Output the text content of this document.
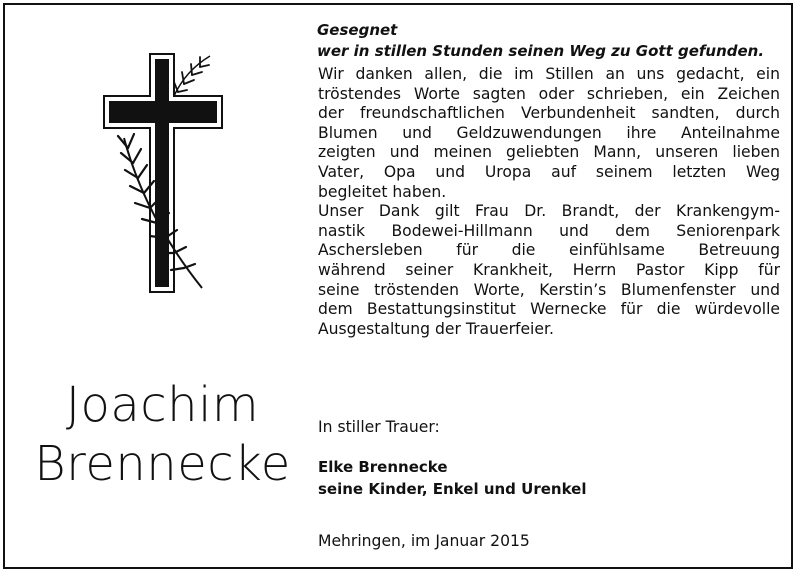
Joachim
Brennecke
Gesegnet
wer in stillen Stunden seinen Weg zu Gott gefunden.
Wir danken allen, die im Stillen an uns gedacht, ein
tröstendes Worte sagten oder schrieben, ein Zeichen
der freundschaftlichen Verbundenheit sandten, durch
Blumen und Geldzuwendungen ihre Anteilnahme
zeigten und meinen geliebten Mann, unseren lieben
Vater, Opa und Uropa auf seinem letzten Weg
begleitet haben.
Unser Dank gilt Frau Dr. Brandt, der Krankengym-
nastik Bodewei-Hillmann und dem Seniorenpark
Aschersleben für die einfühlsame Betreuung
während seiner Krankheit, Herrn Pastor Kipp für
seine tröstenden Worte, Kerstin’s Blumenfenster und
dem Bestattungsinstitut Wernecke für die würdevolle
Ausgestaltung der Trauerfeier.
In stiller Trauer:
Elke Brennecke
seine Kinder, Enkel und Urenkel
Mehringen, im Januar 2015
